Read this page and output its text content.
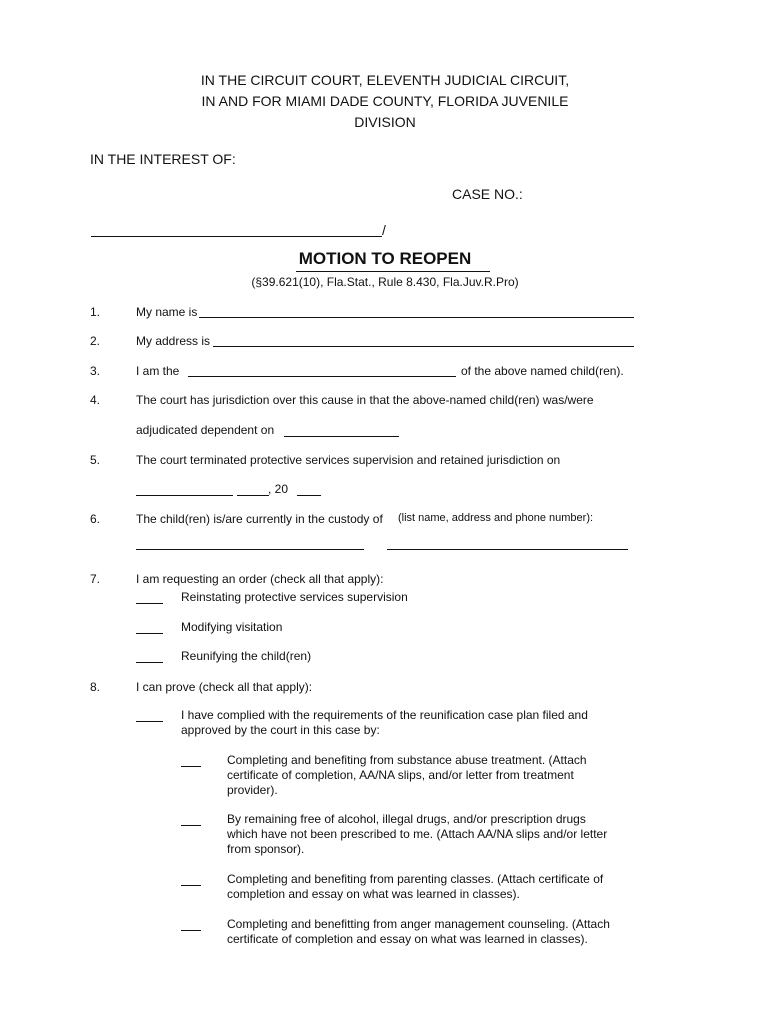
IN THE CIRCUIT COURT, ELEVENTH JUDICIAL CIRCUIT,
IN AND FOR MIAMI DADE COUNTY, FLORIDA JUVENILE
DIVISION
IN THE INTEREST OF:
CASE NO.:
/
MOTION TO REOPEN
(§39.621(10), Fla.Stat., Rule 8.430, Fla.Juv.R.Pro)
1.	My name is
2.	My address is
3.	I am the	of the above named child(ren).
4.	The court has jurisdiction over this cause in that the above-named child(ren) was/were
adjudicated dependent on
5.	The court terminated protective services supervision and retained jurisdiction on
, 20
6.	The child(ren) is/are currently in the custody of (list name, address and phone number):
7.	I am requesting an order (check all that apply):
Reinstating protective services supervision
Modifying visitation
Reunifying the child(ren)
8.	I can prove (check all that apply):
I have complied with the requirements of the reunification case plan filed and
approved by the court in this case by:
Completing and benefiting from substance abuse treatment. (Attach
certificate of completion, AA/NA slips, and/or letter from treatment
provider).
By remaining free of alcohol, illegal drugs, and/or prescription drugs
which have not been prescribed to me. (Attach AA/NA slips and/or letter
from sponsor).
Completing and benefiting from parenting classes. (Attach certificate of
completion and essay on what was learned in classes).
Completing and benefitting from anger management counseling. (Attach
certificate of completion and essay on what was learned in classes).
